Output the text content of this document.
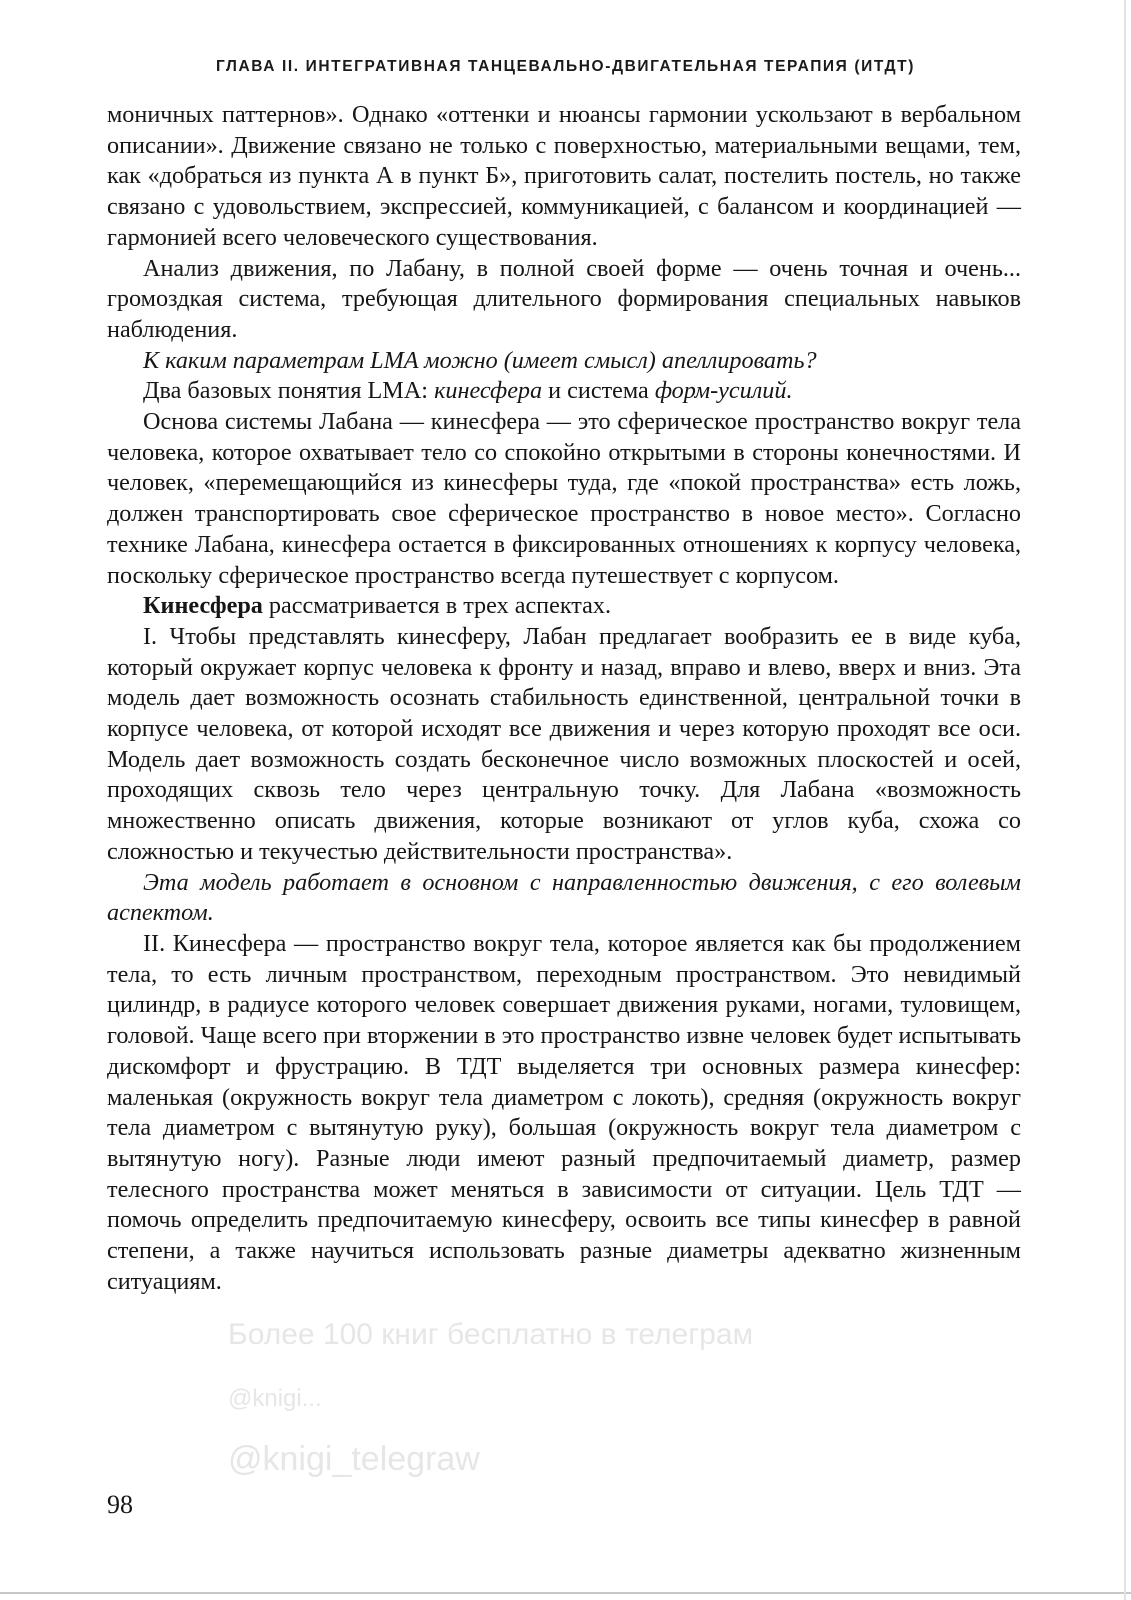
ГЛАВА II. ИНТЕГРАТИВНАЯ ТАНЦЕВАЛЬНО-ДВИГАТЕЛЬНАЯ ТЕРАПИЯ (ИТДТ)

моничных паттернов». Однако «оттенки и нюансы гармонии ускользают в вербальном описании». Движение связано не только с поверхностью, материальными вещами, тем, как «добраться из пункта А в пункт Б», приготовить салат, постелить постель, но также связано с удовольствием, экспрессией, коммуникацией, с балансом и координацией — гармонией всего человеческого существования.

Анализ движения, по Лабану, в полной своей форме — очень точная и очень... громоздкая система, требующая длительного формирования специальных навыков наблюдения.

К каким параметрам LMA можно (имеет смысл) апеллировать?

Два базовых понятия LMA: кинесфера и система форм-усилий.

Основа системы Лабана — кинесфера — это сферическое пространство вокруг тела человека, которое охватывает тело со спокойно открытыми в стороны конечностями. И человек, «перемещающийся из кинесферы туда, где «покой пространства» есть ложь, должен транспортировать свое сферическое пространство в новое место». Согласно технике Лабана, кинесфера остается в фиксированных отношениях к корпусу человека, поскольку сферическое пространство всегда путешествует с корпусом.

Кинесфера рассматривается в трех аспектах.

I. Чтобы представлять кинесферу, Лабан предлагает вообразить ее в виде куба, который окружает корпус человека к фронту и назад, вправо и влево, вверх и вниз. Эта модель дает возможность осознать стабильность единственной, центральной точки в корпусе человека, от которой исходят все движения и через которую проходят все оси. Модель дает возможность создать бесконечное число возможных плоскостей и осей, проходящих сквозь тело через центральную точку. Для Лабана «возможность множественно описать движения, которые возникают от углов куба, схожа со сложностью и текучестью действительности пространства».

Эта модель работает в основном с направленностью движения, с его волевым аспектом.

II. Кинесфера — пространство вокруг тела, которое является как бы продолжением тела, то есть личным пространством, переходным пространством. Это невидимый цилиндр, в радиусе которого человек совершает движения руками, ногами, туловищем, головой. Чаще всего при вторжении в это пространство извне человек будет испытывать дискомфорт и фрустрацию. В ТДТ выделяется три основных размера кинесфер: маленькая (окружность вокруг тела диаметром с локоть), средняя (окружность вокруг тела диаметром с вытянутую руку), большая (окружность вокруг тела диаметром с вытянутую ногу). Разные люди имеют разный предпочитаемый диаметр, размер телесного пространства может меняться в зависимости от ситуации. Цель ТДТ — помочь определить предпочитаемую кинесферу, освоить все типы кинесфер в равной степени, а также научиться использовать разные диаметры адекватно жизненным ситуациям.

Более 100 книг бесплатно в телеграм
@knigi...
@knigi_telegraw
98
